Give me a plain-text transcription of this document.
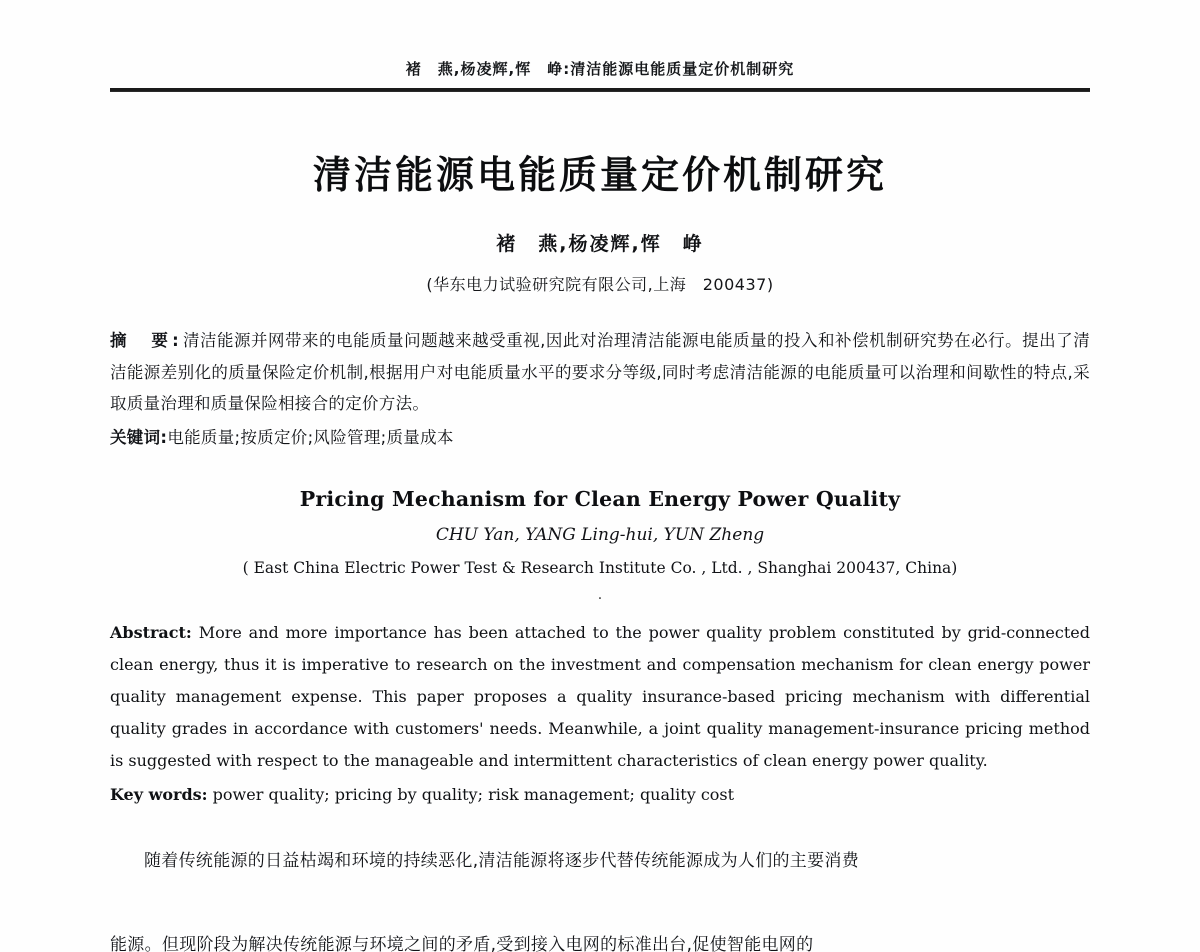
褚　燕,杨凌辉,恽　峥:清洁能源电能质量定价机制研究
清洁能源电能质量定价机制研究
褚　燕,杨凌辉,恽　峥
(华东电力试验研究院有限公司,上海　200437)
摘　要:清洁能源并网带来的电能质量问题越来越受重视,因此对治理清洁能源电能质量的投入和补偿机制研究势在必行。提出了清洁能源差别化的质量保险定价机制,根据用户对电能质量水平的要求分等级,同时考虑清洁能源的电能质量可以治理和间歇性的特点,采取质量治理和质量保险相接合的定价方法。
关键词:电能质量;按质定价;风险管理;质量成本
Pricing Mechanism for Clean Energy Power Quality
CHU Yan, YANG Ling-hui, YUN Zheng
( East China Electric Power Test & Research Institute Co. , Ltd. , Shanghai 200437, China)
·
Abstract: More and more importance has been attached to the power quality problem constituted by grid-connected clean energy, thus it is imperative to research on the investment and compensation mechanism for clean energy power quality management expense. This paper proposes a quality insurance-based pricing mechanism with differential quality grades in accordance with customers' needs. Meanwhile, a joint quality management-insurance pricing method is suggested with respect to the manageable and intermittent characteristics of clean energy power quality.
Key words: power quality; pricing by quality; risk management; quality cost
随着传统能源的日益枯竭和环境的持续恶化,清洁能源将逐步代替传统能源成为人们的主要消费
能源。但现阶段为解决传统能源与环境之间的矛盾,受到接入电网的标准出台,促使智能电网的
